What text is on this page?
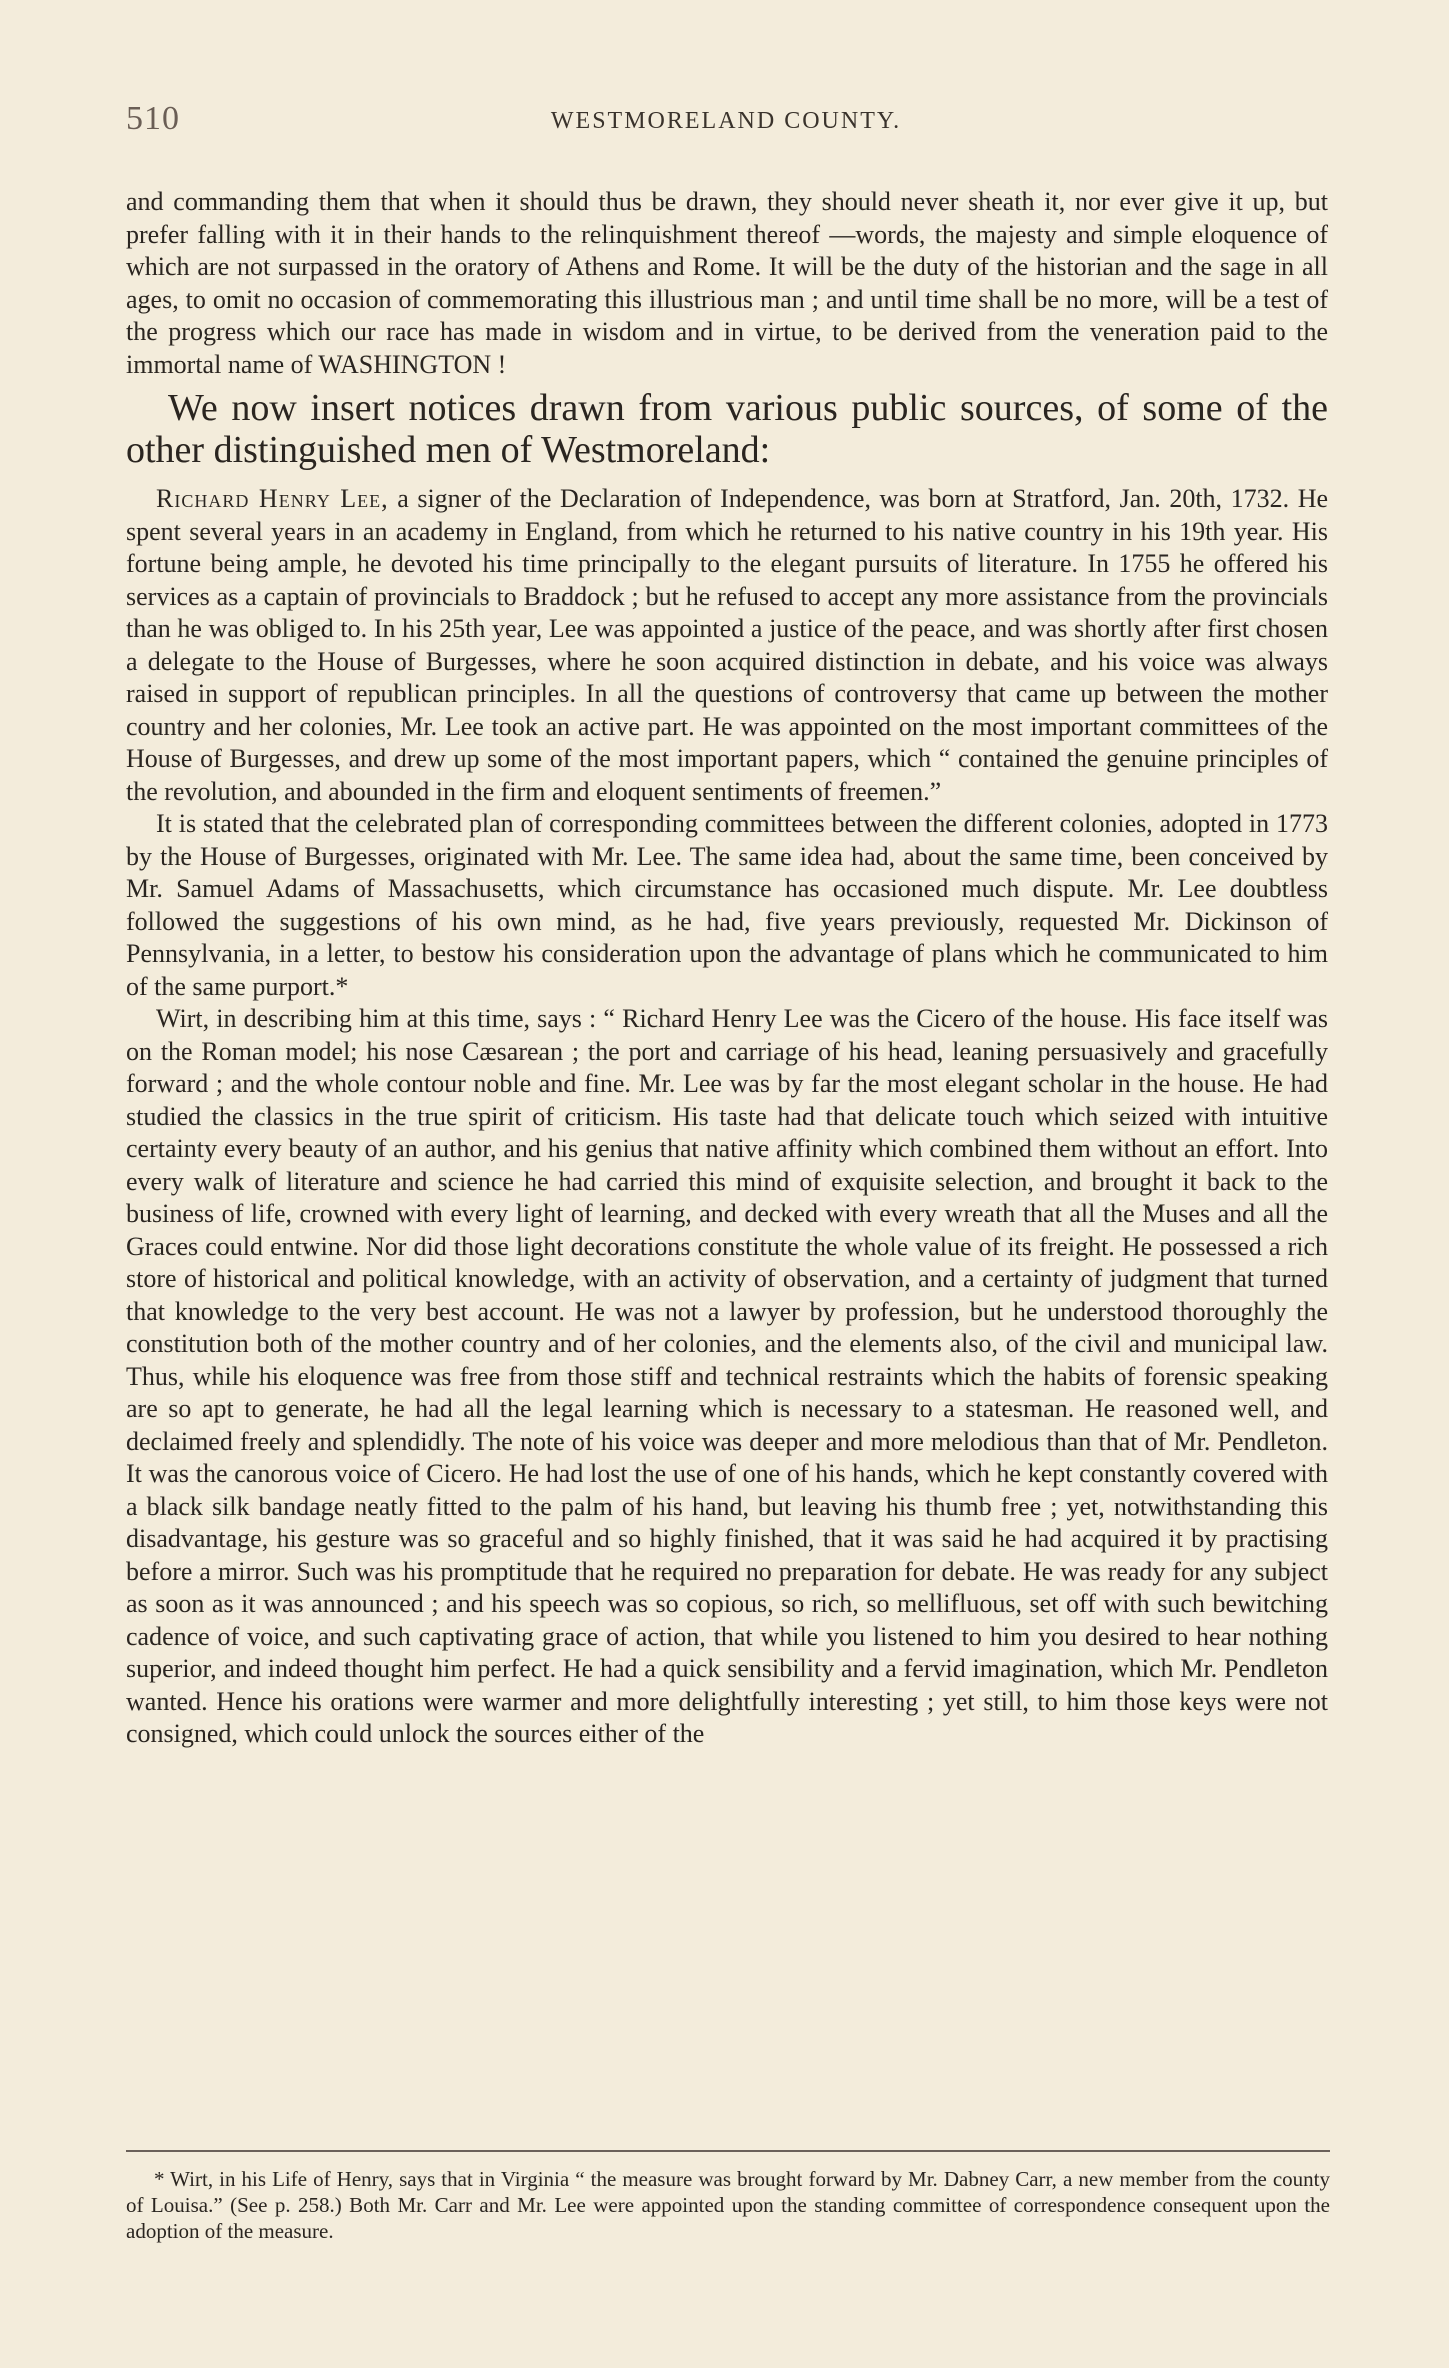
510	WESTMORELAND COUNTY.

and commanding them that when it should thus be drawn, they should never sheath it, nor ever give it up, but prefer falling with it in their hands to the relinquishment thereof —words, the majesty and simple eloquence of which are not surpassed in the oratory of Athens and Rome. It will be the duty of the historian and the sage in all ages, to omit no occasion of commemorating this illustrious man ; and until time shall be no more, will be a test of the progress which our race has made in wisdom and in virtue, to be derived from the veneration paid to the immortal name of WASHINGTON !

We now insert notices drawn from various public sources, of some of the other distinguished men of Westmoreland:

Richard Henry Lee, a signer of the Declaration of Independence, was born at Stratford, Jan. 20th, 1732. He spent several years in an academy in England, from which he returned to his native country in his 19th year. His fortune being ample, he devoted his time principally to the elegant pursuits of literature. In 1755 he offered his services as a captain of provincials to Braddock ; but he refused to accept any more assistance from the provincials than he was obliged to. In his 25th year, Lee was appointed a justice of the peace, and was shortly after first chosen a delegate to the House of Burgesses, where he soon acquired distinction in debate, and his voice was always raised in support of republican principles. In all the questions of controversy that came up between the mother country and her colonies, Mr. Lee took an active part. He was appointed on the most important committees of the House of Burgesses, and drew up some of the most important papers, which “ contained the genuine principles of the revolution, and abounded in the firm and eloquent sentiments of freemen.”

It is stated that the celebrated plan of corresponding committees between the different colonies, adopted in 1773 by the House of Burgesses, originated with Mr. Lee. The same idea had, about the same time, been conceived by Mr. Samuel Adams of Massachusetts, which circumstance has occasioned much dispute. Mr. Lee doubtless followed the suggestions of his own mind, as he had, five years previously, requested Mr. Dickinson of Pennsylvania, in a letter, to bestow his consideration upon the advantage of plans which he communicated to him of the same purport.*

Wirt, in describing him at this time, says : “ Richard Henry Lee was the Cicero of the house. His face itself was on the Roman model; his nose Cæsarean ; the port and carriage of his head, leaning persuasively and gracefully forward ; and the whole contour noble and fine. Mr. Lee was by far the most elegant scholar in the house. He had studied the classics in the true spirit of criticism. His taste had that delicate touch which seized with intuitive certainty every beauty of an author, and his genius that native affinity which combined them without an effort. Into every walk of literature and science he had carried this mind of exquisite selection, and brought it back to the business of life, crowned with every light of learning, and decked with every wreath that all the Muses and all the Graces could entwine. Nor did those light decorations constitute the whole value of its freight. He possessed a rich store of historical and political knowledge, with an activity of observation, and a certainty of judgment that turned that knowledge to the very best account. He was not a lawyer by profession, but he understood thoroughly the constitution both of the mother country and of her colonies, and the elements also, of the civil and municipal law. Thus, while his eloquence was free from those stiff and technical restraints which the habits of forensic speaking are so apt to generate, he had all the legal learning which is necessary to a statesman. He reasoned well, and declaimed freely and splendidly. The note of his voice was deeper and more melodious than that of Mr. Pendleton. It was the canorous voice of Cicero. He had lost the use of one of his hands, which he kept constantly covered with a black silk bandage neatly fitted to the palm of his hand, but leaving his thumb free ; yet, notwithstanding this disadvantage, his gesture was so graceful and so highly finished, that it was said he had acquired it by practising before a mirror. Such was his promptitude that he required no preparation for debate. He was ready for any subject as soon as it was announced ; and his speech was so copious, so rich, so mellifluous, set off with such bewitching cadence of voice, and such captivating grace of action, that while you listened to him you desired to hear nothing superior, and indeed thought him perfect. He had a quick sensibility and a fervid imagination, which Mr. Pendleton wanted. Hence his orations were warmer and more delightfully interesting ; yet still, to him those keys were not consigned, which could unlock the sources either of the

* Wirt, in his Life of Henry, says that in Virginia “ the measure was brought forward by Mr. Dabney Carr, a new member from the county of Louisa.” (See p. 258.) Both Mr. Carr and Mr. Lee were appointed upon the standing committee of correspondence consequent upon the adoption of the measure.
